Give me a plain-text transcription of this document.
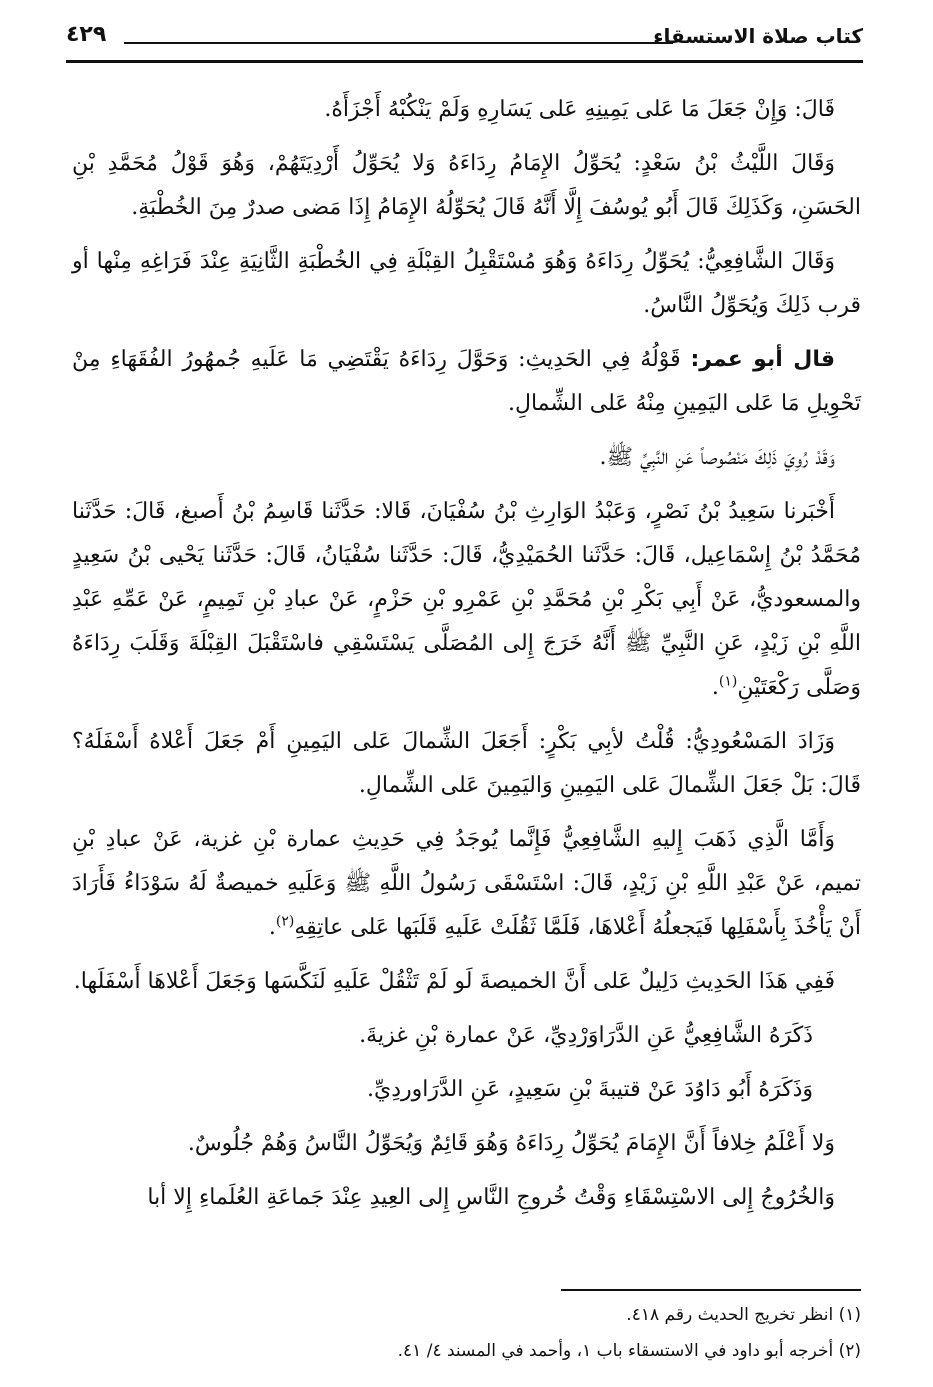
كتاب صلاة الاستسقاء
٤٢٩

قَالَ: وَإِنْ جَعَلَ مَا عَلى يَمِينِهِ عَلى يَسَارِهِ وَلَمْ يَنْكُبْهُ أَجْزَأَهُ.

وَقَالَ اللَّيْثُ بْنُ سَعْدٍ: يُحَوِّلُ الإِمَامُ رِدَاءَهُ وَلا يُحَوِّلُ أَرْدِيَتَهُمْ، وَهُوَ قَوْلُ مُحَمَّدِ بْنِ الحَسَنِ، وَكَذَلِكَ قَالَ أَبُو يُوسُفَ إِلَّا أَنَّهُ قَالَ يُحَوِّلُهُ الإِمَامُ إِذَا مَضى صدرٌ مِنَ الخُطْبَةِ.

وَقَالَ الشَّافِعِيُّ: يُحَوِّلُ رِدَاءَهُ وَهُوَ مُسْتَقْبِلُ القِبْلَةِ فِي الخُطْبَةِ الثَّانِيَةِ عِنْدَ فَرَاغِهِ مِنْها أو قرب ذَلِكَ وَيُحَوِّلُ النَّاسُ.

قال أبو عمر: قَوْلُهُ فِي الحَدِيثِ: وَحَوَّلَ رِدَاءَهُ يَقْتَضِي مَا عَلَيهِ جُمهُورُ الفُقَهَاءِ مِنْ تَحْوِيلِ مَا عَلى اليَمِينِ مِنْهُ عَلى الشِّمالِ.

وَقَدْ رُوِيَ ذَلِكَ مَنْصُوصاً عَنِ النَّبِيِّ ﷺ.

أَخْبَرنا سَعِيدُ بْنُ نَصْرٍ، وَعَبْدُ الوَارِثِ بْنُ سُفْيَانَ، قَالا: حَدَّثَنا قَاسِمُ بْنُ أَصبغ، قَالَ: حَدَّثَنا مُحَمَّدُ بْنُ إِسْمَاعِيل، قَالَ: حَدَّثَنا الحُمَيْدِيُّ، قَالَ: حَدَّثَنا سُفْيَانُ، قَالَ: حَدَّثَنا يَحْيى بْنُ سَعِيدٍ والمسعوديُّ، عَنْ أَبِي بَكْرِ بْنِ مُحَمَّدِ بْنِ عَمْرِو بْنِ حَزْمٍ، عَنْ عبادِ بْنِ تَمِيمٍ، عَنْ عَمِّهِ عَبْدِ اللَّهِ بْنِ زَيْدٍ، عَنِ النَّبِيِّ ﷺ أَنَّهُ خَرَجَ إِلى المُصَلَّى يَسْتَسْقِي فاسْتَقْبَلَ القِبْلَةَ وَقَلَبَ رِدَاءَهُ وَصَلَّى رَكْعَتَيْنِ$^{(١)}$.

وَزَادَ المَسْعُودِيُّ: قُلْتُ لأبِي بَكْرٍ: أَجَعَلَ الشِّمالَ عَلى اليَمِينِ أَمْ جَعَلَ أَعْلاهُ أَسْفَلَهُ؟ قَالَ: بَلْ جَعَلَ الشِّمالَ عَلى اليَمِينِ وَاليَمِينَ عَلى الشِّمالِ.

وَأَمَّا الَّذِي ذَهَبَ إِليهِ الشَّافِعِيُّ فَإِنَّما يُوجَدُ فِي حَدِيثِ عمارة بْنِ غزية، عَنْ عبادِ بْنِ تميم، عَنْ عَبْدِ اللَّهِ بْنِ زَيْدٍ، قَالَ: اسْتَسْقَى رَسُولُ اللَّهِ ﷺ وَعَلَيهِ خميصةٌ لَهُ سَوْدَاءُ فَأَرَادَ أَنْ يَأْخُذَ بِأَسْفَلِها فَيَجعلُهُ أَعْلاهَا، فَلَمَّا ثَقُلَتْ عَلَيهِ قَلَبَها عَلى عاتِقِهِ$^{(٢)}$.

فَفِي هَذَا الحَدِيثِ دَلِيلٌ عَلى أَنَّ الخميصةَ لَو لَمْ تَثْقُلْ عَلَيهِ لَنَكَّسَها وَجَعَلَ أَعْلاهَا أَسْفَلَها.

ذَكَرَهُ الشَّافِعِيُّ عَنِ الدَّرَاوَرْدِيِّ، عَنْ عمارة بْنِ غزيةَ.

وَذَكَرَهُ أَبُو دَاوُدَ عَنْ قتيبةَ بْنِ سَعِيدٍ، عَنِ الدَّرَاوردِيِّ.

وَلا أَعْلَمُ خِلافاً أَنَّ الإِمَامَ يُحَوِّلُ رِدَاءَهُ وَهُوَ قَائِمٌ وَيُحَوِّلُ النَّاسُ وَهُمْ جُلُوسٌ.

وَالخُرُوجُ إِلى الاسْتِسْقَاءِ وَقْتُ خُروجِ النَّاسِ إِلى العِيدِ عِنْدَ جَماعَةِ العُلَماءِ إِلا أبا

(١) انظر تخريج الحديث رقم ٤١٨.

(٢) أخرجه أبو داود في الاستسقاء باب ١، وأحمد في المسند ٤/ ٤١.
